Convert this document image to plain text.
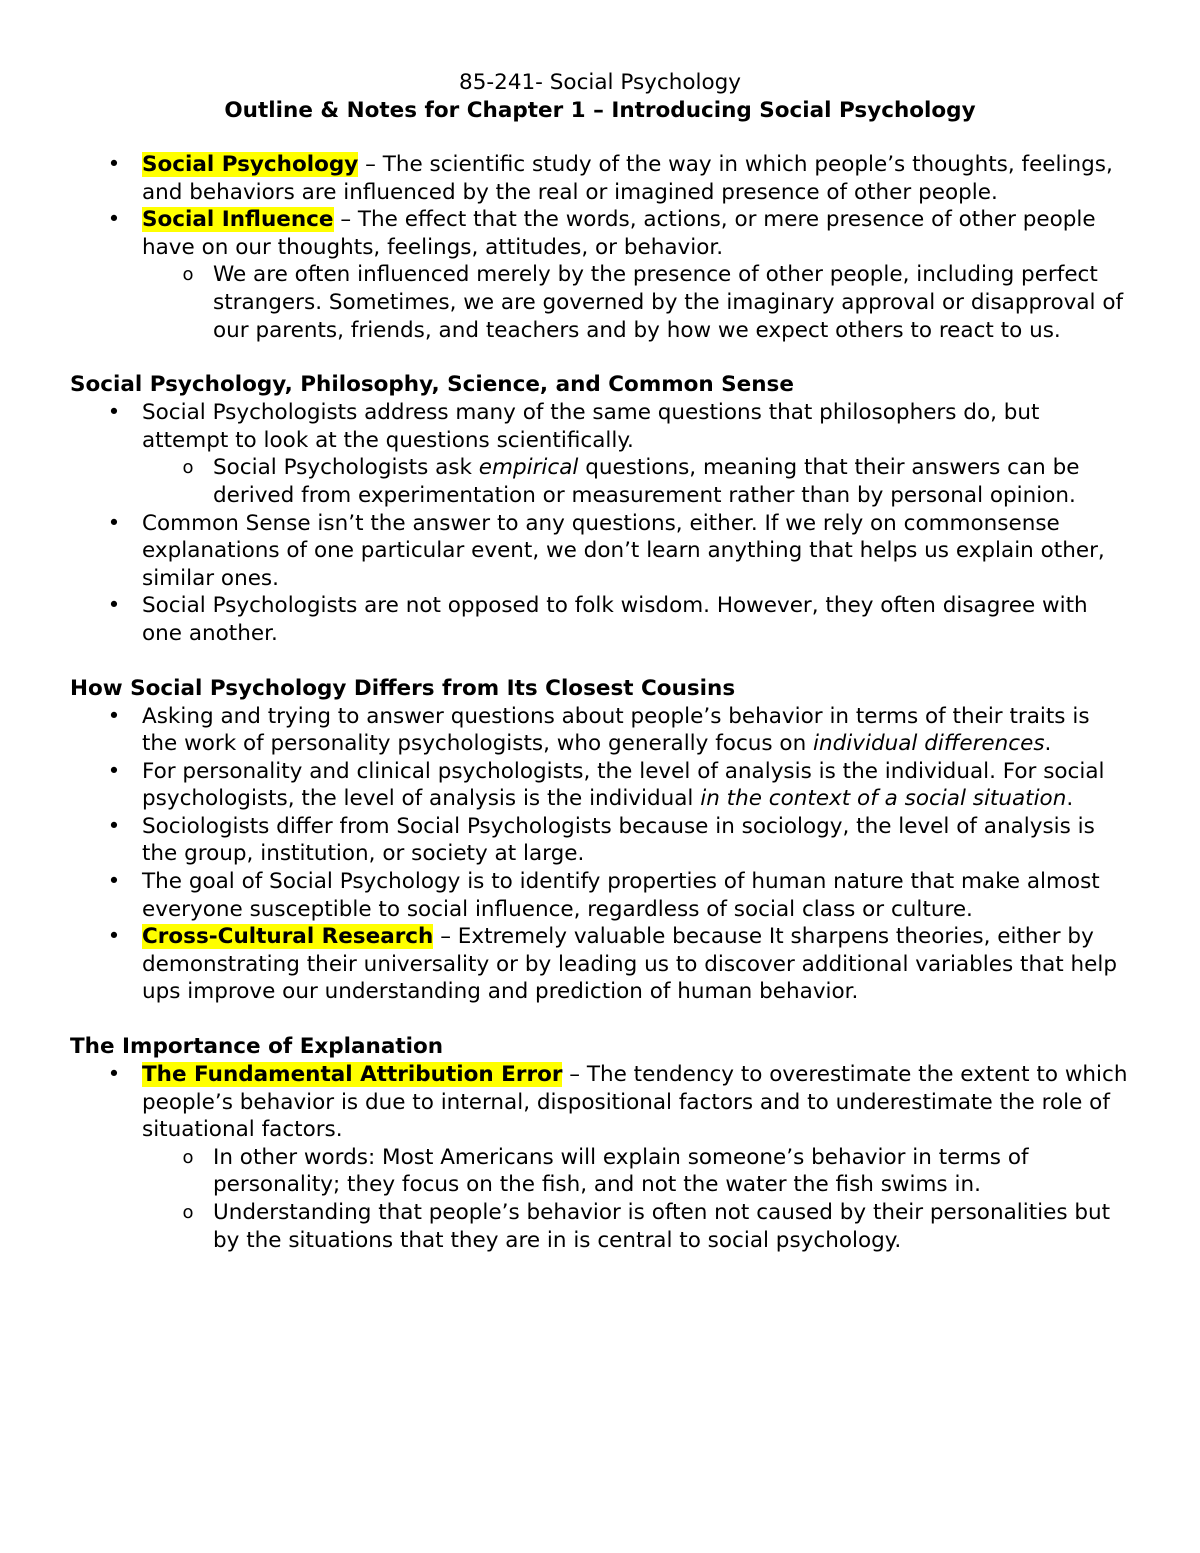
85-241- Social Psychology

Outline & Notes for Chapter 1 – Introducing Social Psychology

• Social Psychology – The scientific study of the way in which people’s thoughts, feelings, and behaviors are influenced by the real or imagined presence of other people.
• Social Influence – The effect that the words, actions, or mere presence of other people have on our thoughts, feelings, attitudes, or behavior.
o We are often influenced merely by the presence of other people, including perfect strangers. Sometimes, we are governed by the imaginary approval or disapproval of our parents, friends, and teachers and by how we expect others to react to us.

Social Psychology, Philosophy, Science, and Common Sense

• Social Psychologists address many of the same questions that philosophers do, but attempt to look at the questions scientifically.
o Social Psychologists ask empirical questions, meaning that their answers can be derived from experimentation or measurement rather than by personal opinion.
• Common Sense isn’t the answer to any questions, either. If we rely on commonsense explanations of one particular event, we don’t learn anything that helps us explain other, similar ones.
• Social Psychologists are not opposed to folk wisdom. However, they often disagree with one another.

How Social Psychology Differs from Its Closest Cousins

• Asking and trying to answer questions about people’s behavior in terms of their traits is the work of personality psychologists, who generally focus on individual differences.
• For personality and clinical psychologists, the level of analysis is the individual. For social psychologists, the level of analysis is the individual in the context of a social situation.
• Sociologists differ from Social Psychologists because in sociology, the level of analysis is the group, institution, or society at large.
• The goal of Social Psychology is to identify properties of human nature that make almost everyone susceptible to social influence, regardless of social class or culture.
• Cross-Cultural Research – Extremely valuable because It sharpens theories, either by demonstrating their universality or by leading us to discover additional variables that help ups improve our understanding and prediction of human behavior.

The Importance of Explanation

• The Fundamental Attribution Error – The tendency to overestimate the extent to which people’s behavior is due to internal, dispositional factors and to underestimate the role of situational factors.
o In other words: Most Americans will explain someone’s behavior in terms of personality; they focus on the fish, and not the water the fish swims in.
o Understanding that people’s behavior is often not caused by their personalities but by the situations that they are in is central to social psychology.
